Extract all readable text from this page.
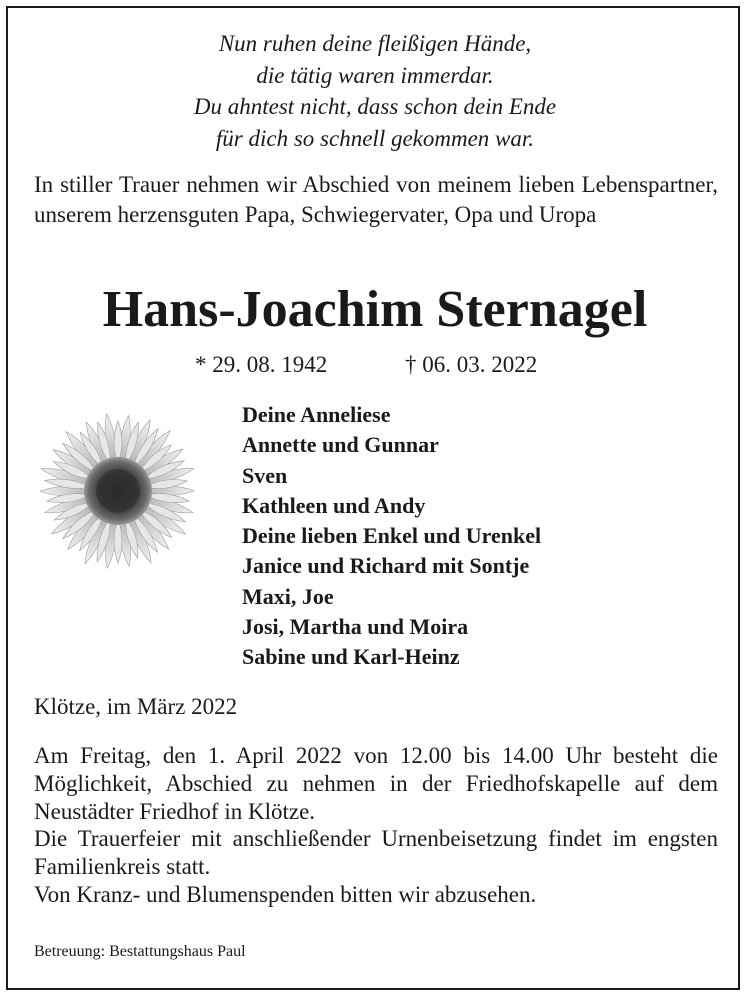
Nun ruhen deine fleißigen Hände,
die tätig waren immerdar.
Du ahntest nicht, dass schon dein Ende
für dich so schnell gekommen war.
In stiller Trauer nehmen wir Abschied von meinem lieben Lebenspartner, unserem herzensguten Papa, Schwiegervater, Opa und Uropa
Hans-Joachim Sternagel
* 29. 08. 1942	† 06. 03. 2022
Deine Anneliese
Annette und Gunnar
Sven
Kathleen und Andy
Deine lieben Enkel und Urenkel
Janice und Richard mit Sontje
Maxi, Joe
Josi, Martha und Moira
Sabine und Karl-Heinz
Klötze, im März 2022

Am Freitag, den 1. April 2022 von 12.00 bis 14.00 Uhr besteht die Möglichkeit, Abschied zu nehmen in der Friedhofskapelle auf dem Neustädter Friedhof in Klötze.

Die Trauerfeier mit anschließender Urnenbeisetzung findet im engsten Familienkreis statt.

Von Kranz- und Blumenspenden bitten wir abzusehen.

Betreuung: Bestattungshaus Paul
